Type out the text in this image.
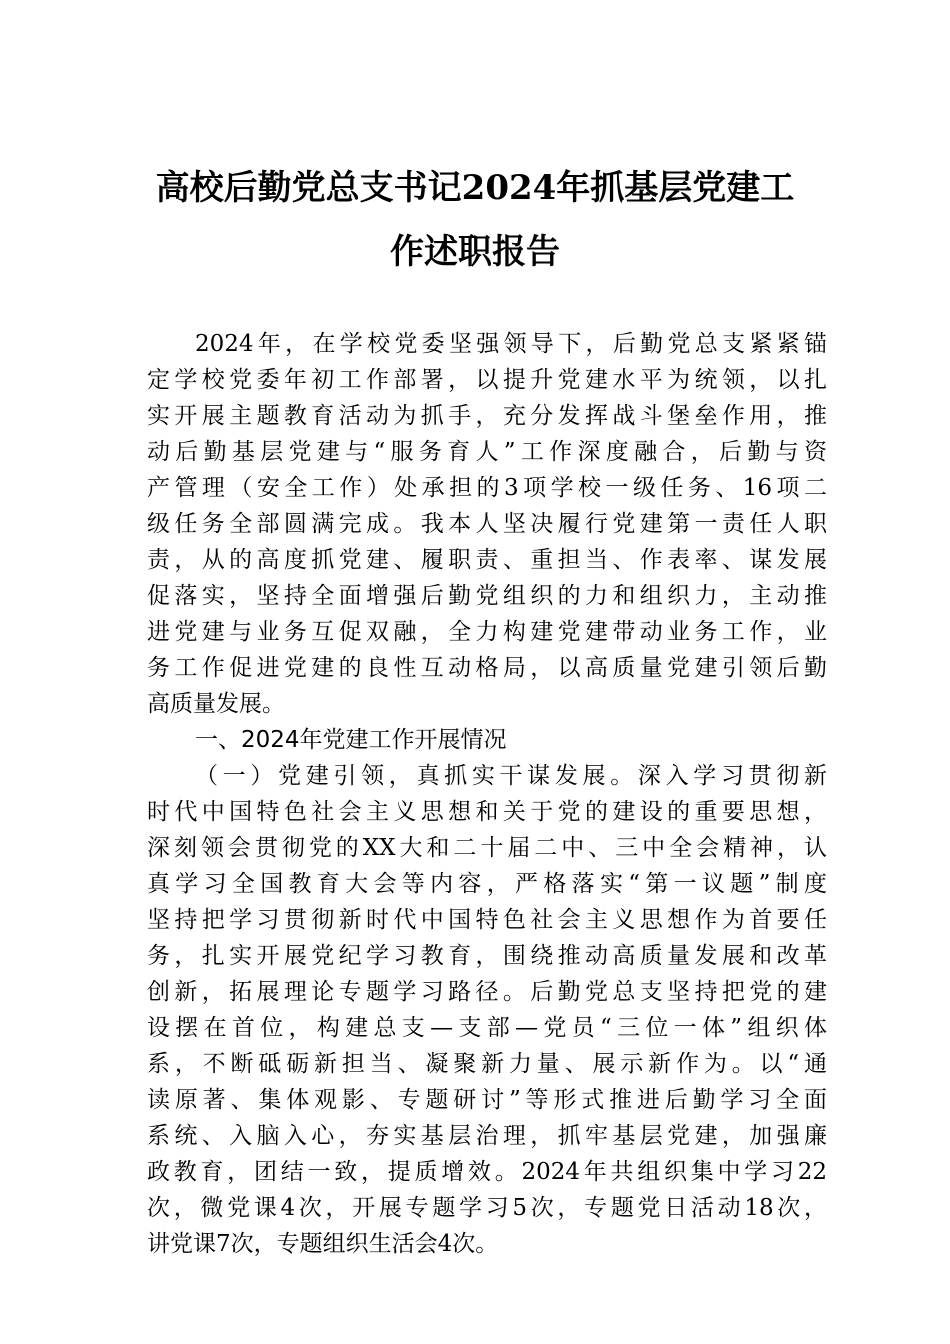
高校后勤党总支书记2024年抓基层党建工
作述职报告
2024年，在学校党委坚强领导下，后勤党总支紧紧锚
定学校党委年初工作部署，以提升党建水平为统领，以扎
实开展主题教育活动为抓手，充分发挥战斗堡垒作用，推
动后勤基层党建与“服务育人”工作深度融合，后勤与资
产管理（安全工作）处承担的3项学校一级任务、16项二
级任务全部圆满完成。我本人坚决履行党建第一责任人职
责，从的高度抓党建、履职责、重担当、作表率、谋发展
促落实，坚持全面增强后勤党组织的力和组织力，主动推
进党建与业务互促双融，全力构建党建带动业务工作，业
务工作促进党建的良性互动格局，以高质量党建引领后勤
高质量发展。
一、2024年党建工作开展情况
（一）党建引领，真抓实干谋发展。深入学习贯彻新
时代中国特色社会主义思想和关于党的建设的重要思想，
深刻领会贯彻党的XX大和二十届二中、三中全会精神，认
真学习全国教育大会等内容，严格落实“第一议题”制度
坚持把学习贯彻新时代中国特色社会主义思想作为首要任
务，扎实开展党纪学习教育，围绕推动高质量发展和改革
创新，拓展理论专题学习路径。后勤党总支坚持把党的建
设摆在首位，构建总支—支部—党员“三位一体”组织体
系，不断砥砺新担当、凝聚新力量、展示新作为。以“通
读原著、集体观影、专题研讨”等形式推进后勤学习全面
系统、入脑入心，夯实基层治理，抓牢基层党建，加强廉
政教育，团结一致，提质增效。2024年共组织集中学习22
次，微党课4次，开展专题学习5次，专题党日活动18次，
讲党课7次，专题组织生活会4次。
